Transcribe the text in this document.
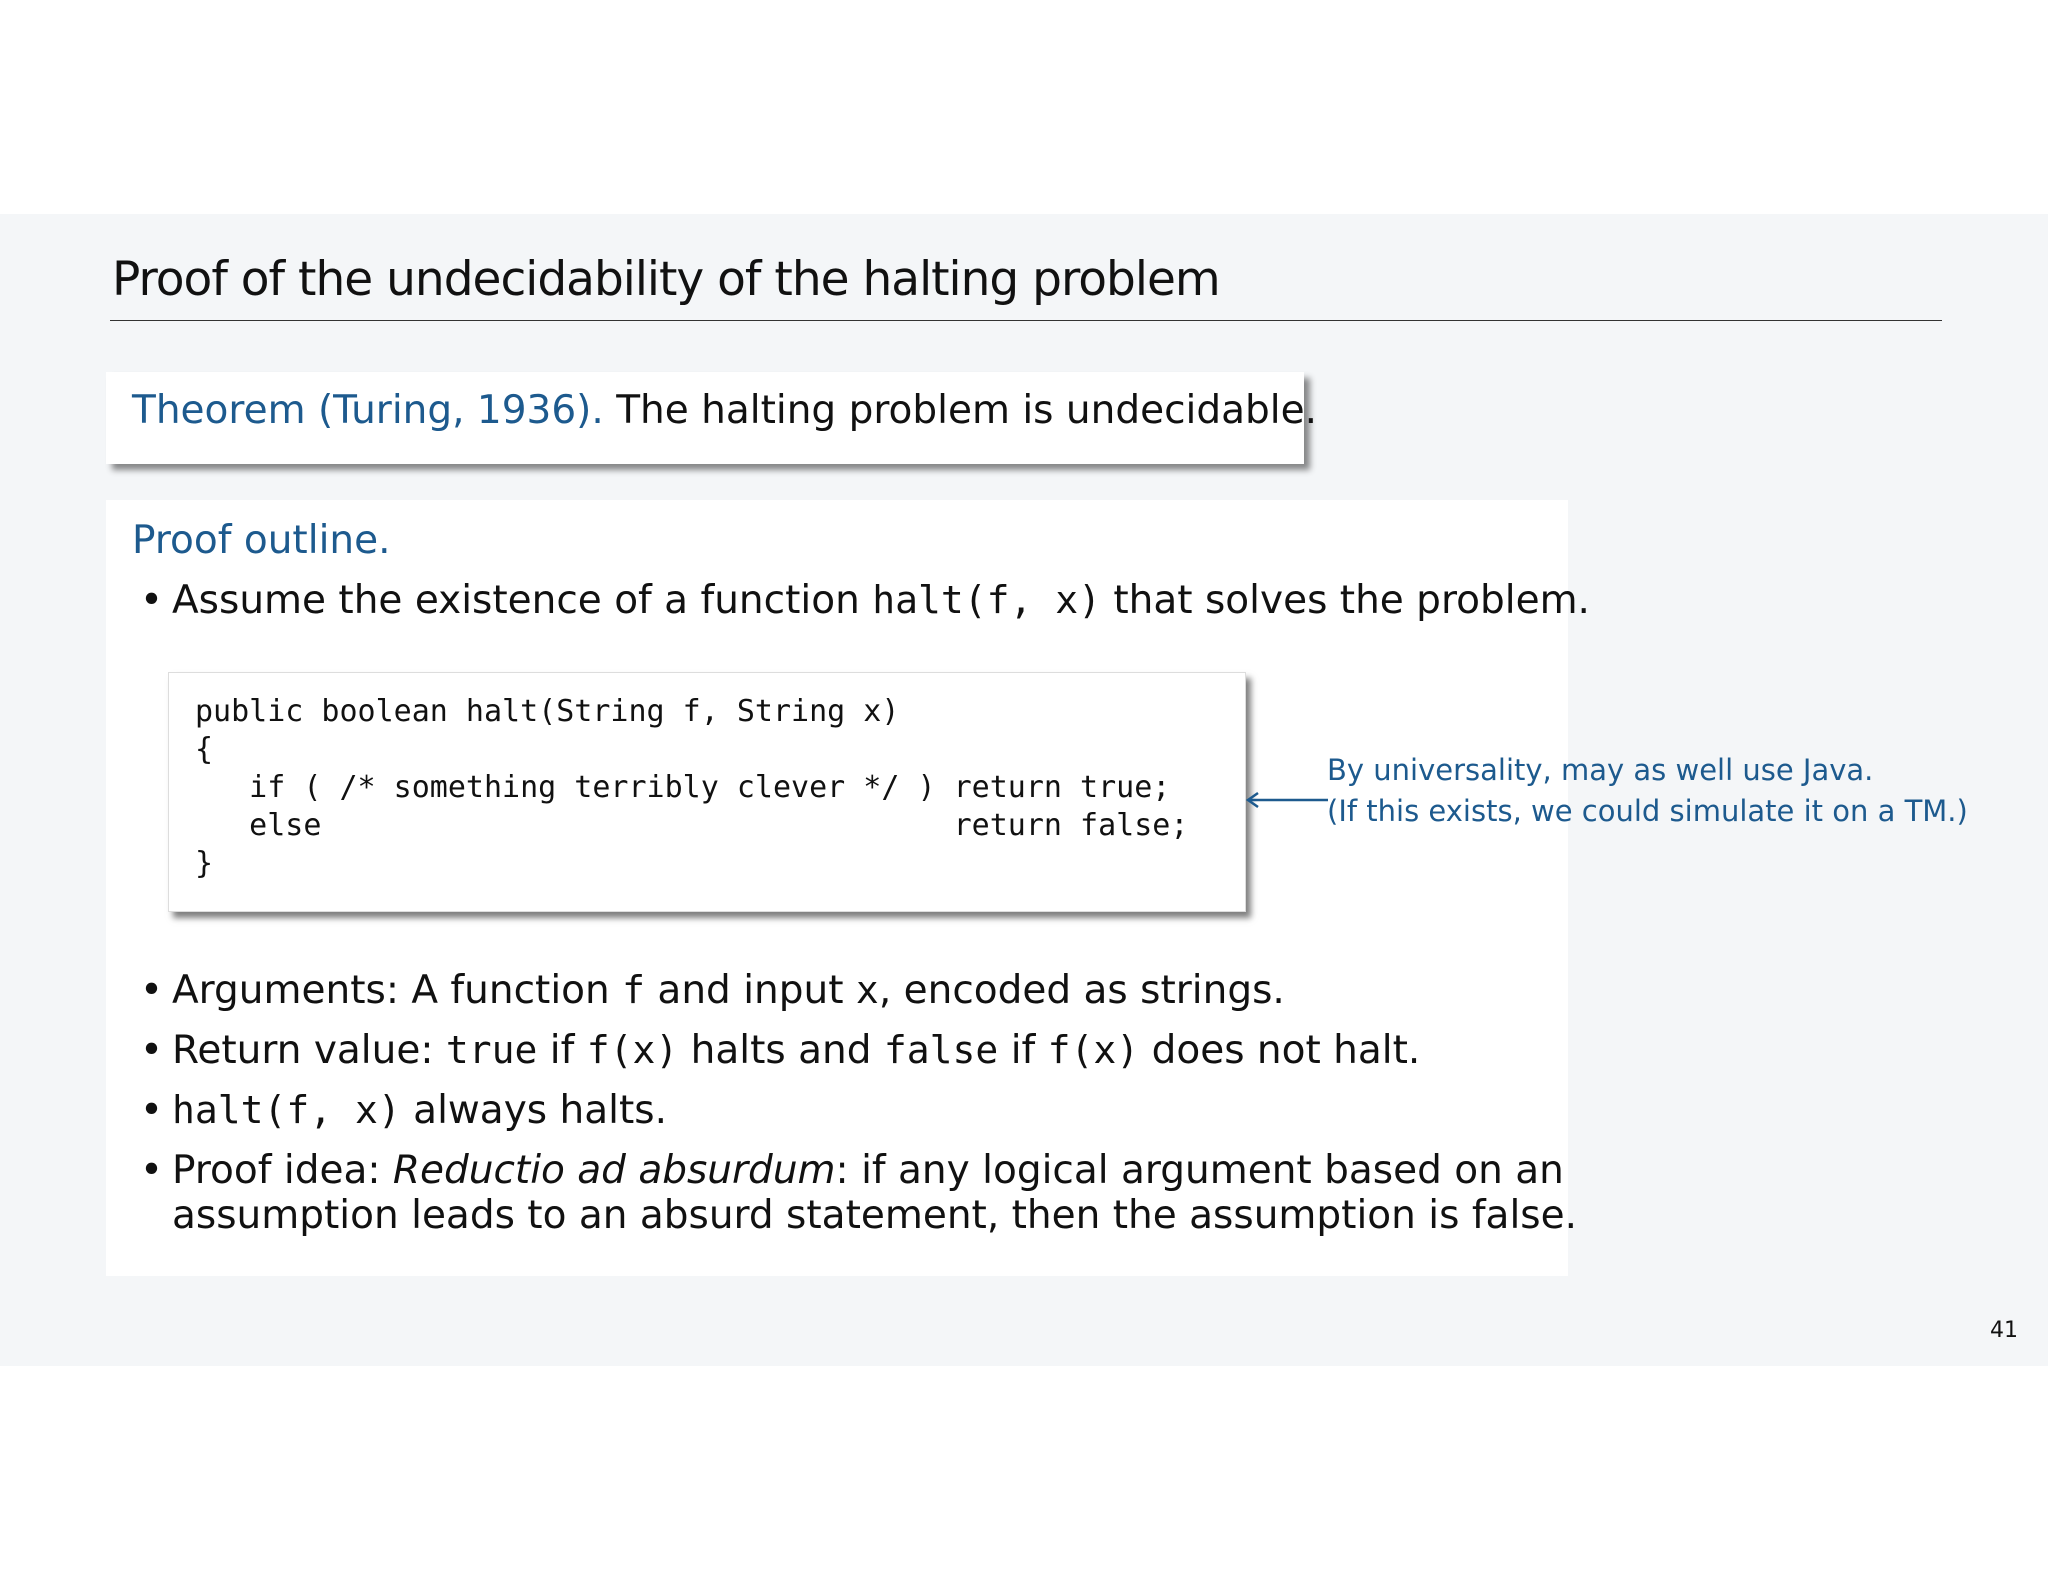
Proof of the undecidability of the halting problem
Theorem (Turing, 1936). The halting problem is undecidable.
Proof outline.
• Assume the existence of a function halt(f, x) that solves the problem.
public boolean halt(String f, String x)
{
if ( /* something terribly clever */ ) return true;
else                                   return false;
}
• Arguments: A function f and input x, encoded as strings.
• Return value: true if f(x) halts and false if f(x) does not halt.
• halt(f, x) always halts.
• Proof idea: Reductio ad absurdum: if any logical argument based on an
assumption leads to an absurd statement, then the assumption is false.
By universality, may as well use Java.
(If this exists, we could simulate it on a TM.)
41
